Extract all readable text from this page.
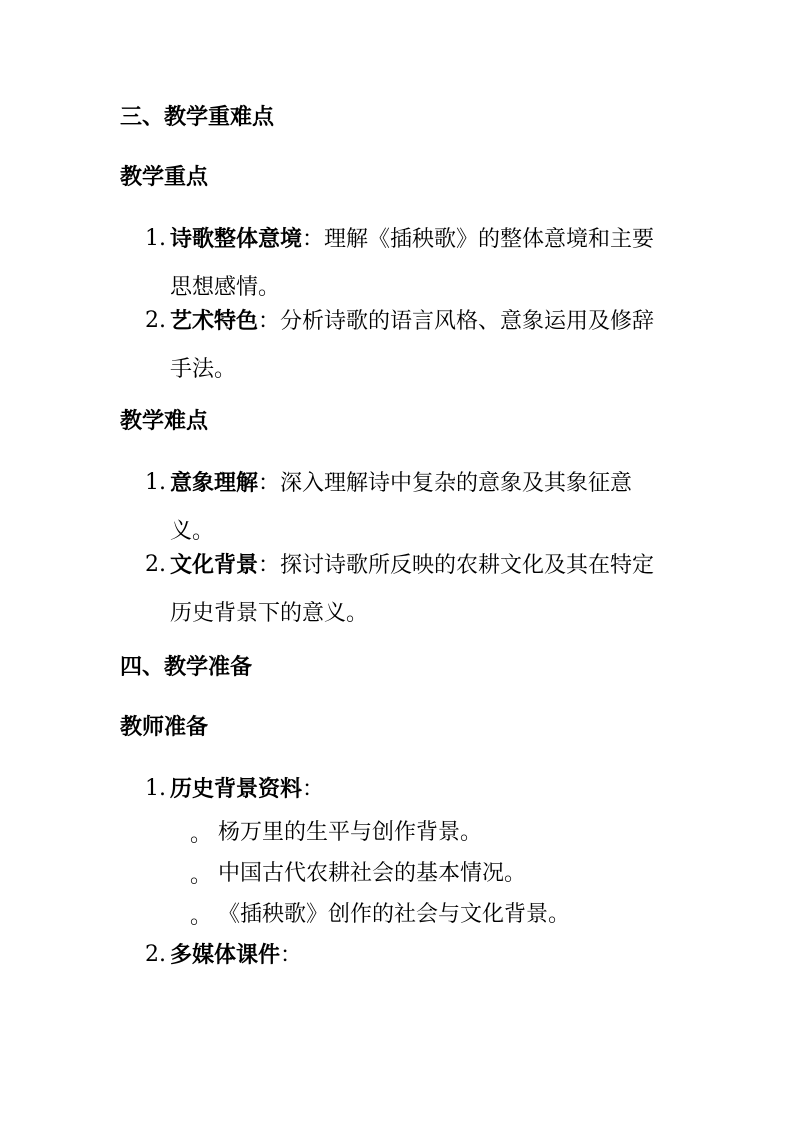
三、教学重难点
教学重点
1. 诗歌整体意境：理解《插秧歌》的整体意境和主要思想感情。
2. 艺术特色：分析诗歌的语言风格、意象运用及修辞手法。
教学难点
1. 意象理解：深入理解诗中复杂的意象及其象征意义。
2. 文化背景：探讨诗歌所反映的农耕文化及其在特定历史背景下的意义。
四、教学准备
教师准备
1. 历史背景资料：
。 杨万里的生平与创作背景。
。 中国古代农耕社会的基本情况。
。 《插秧歌》创作的社会与文化背景。
2. 多媒体课件：
